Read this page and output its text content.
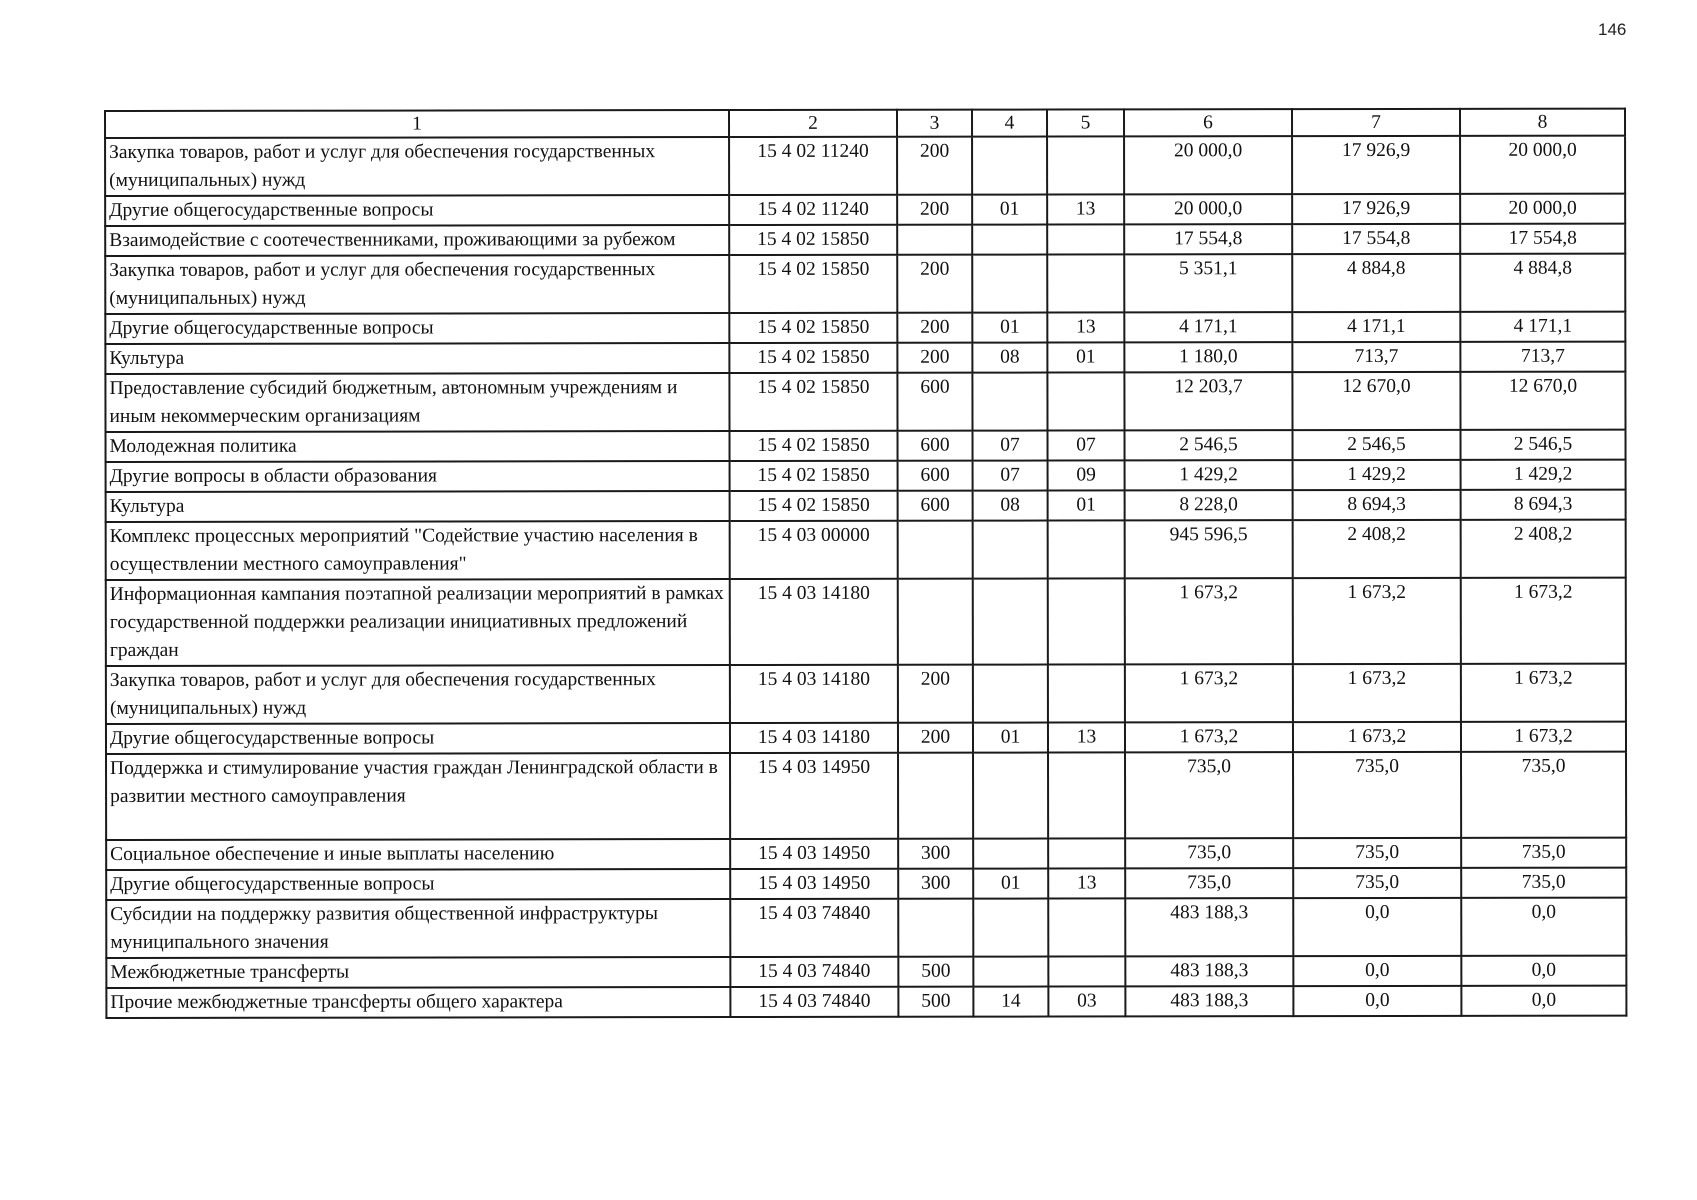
146
1	2	3	4	5	6	7	8
Закупка товаров, работ и услуг для обеспечения государственных (муниципальных) нужд	15 4 02 11240	200			20 000,0	17 926,9	20 000,0
Другие общегосударственные вопросы	15 4 02 11240	200	01	13	20 000,0	17 926,9	20 000,0
Взаимодействие с соотечественниками, проживающими за рубежом	15 4 02 15850				17 554,8	17 554,8	17 554,8
Закупка товаров, работ и услуг для обеспечения государственных (муниципальных) нужд	15 4 02 15850	200			5 351,1	4 884,8	4 884,8
Другие общегосударственные вопросы	15 4 02 15850	200	01	13	4 171,1	4 171,1	4 171,1
Культура	15 4 02 15850	200	08	01	1 180,0	713,7	713,7
Предоставление субсидий бюджетным, автономным учреждениям и иным некоммерческим организациям	15 4 02 15850	600			12 203,7	12 670,0	12 670,0
Молодежная политика	15 4 02 15850	600	07	07	2 546,5	2 546,5	2 546,5
Другие вопросы в области образования	15 4 02 15850	600	07	09	1 429,2	1 429,2	1 429,2
Культура	15 4 02 15850	600	08	01	8 228,0	8 694,3	8 694,3
Комплекс процессных мероприятий "Содействие участию населения в осуществлении местного самоуправления"	15 4 03 00000				945 596,5	2 408,2	2 408,2
Информационная кампания поэтапной реализации мероприятий в рамках государственной поддержки реализации инициативных предложений граждан	15 4 03 14180				1 673,2	1 673,2	1 673,2
Закупка товаров, работ и услуг для обеспечения государственных (муниципальных) нужд	15 4 03 14180	200			1 673,2	1 673,2	1 673,2
Другие общегосударственные вопросы	15 4 03 14180	200	01	13	1 673,2	1 673,2	1 673,2
Поддержка и стимулирование участия граждан Ленинградской области в развитии местного самоуправления	15 4 03 14950				735,0	735,0	735,0
Социальное обеспечение и иные выплаты населению	15 4 03 14950	300			735,0	735,0	735,0
Другие общегосударственные вопросы	15 4 03 14950	300	01	13	735,0	735,0	735,0
Субсидии на поддержку развития общественной инфраструктуры муниципального значения	15 4 03 74840				483 188,3	0,0	0,0
Межбюджетные трансферты	15 4 03 74840	500			483 188,3	0,0	0,0
Прочие межбюджетные трансферты общего характера	15 4 03 74840	500	14	03	483 188,3	0,0	0,0
